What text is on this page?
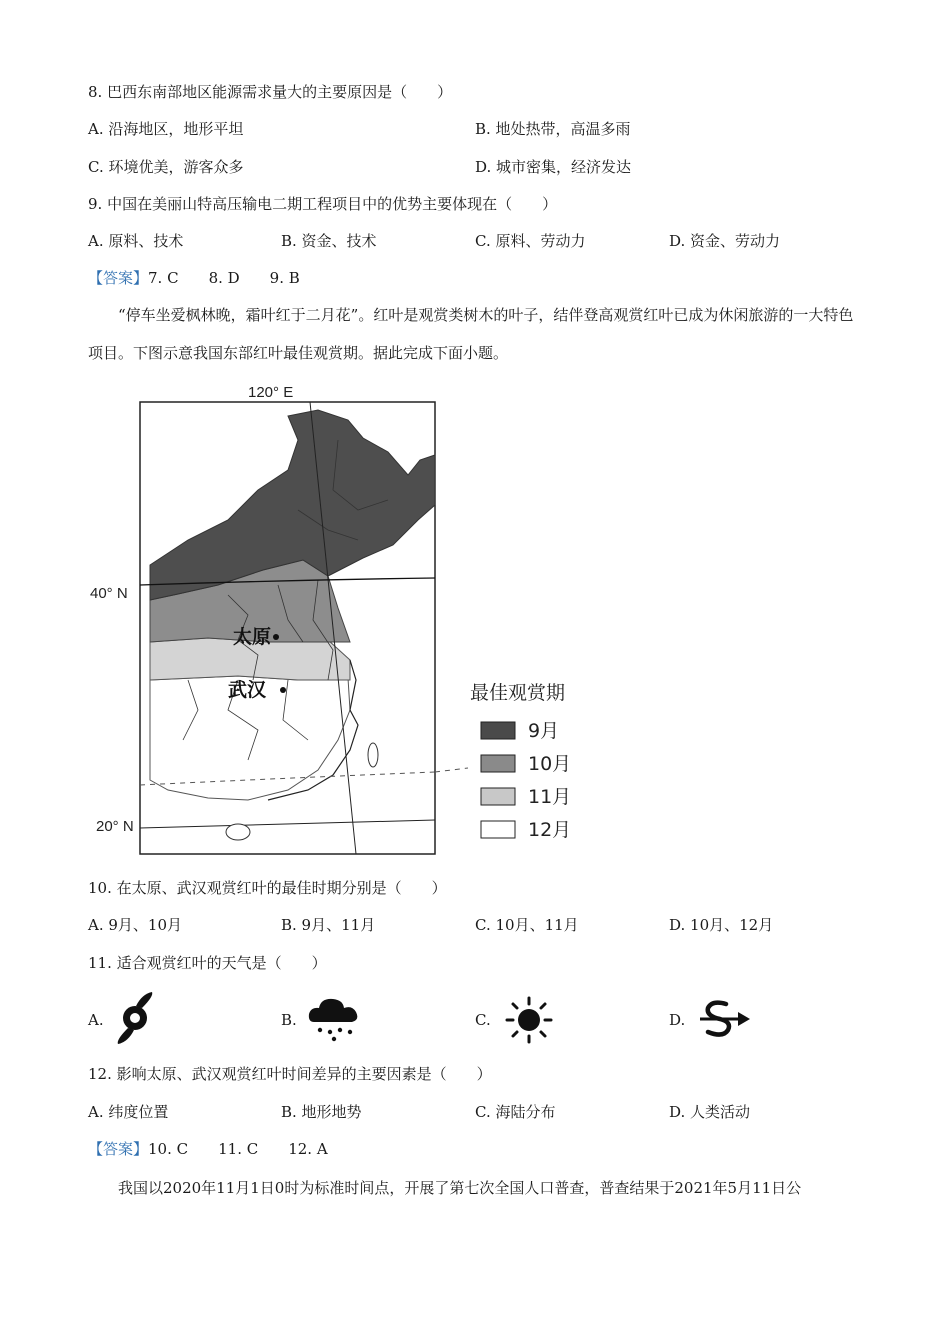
8. 巴西东南部地区能源需求量大的主要原因是（　　）
A. 沿海地区，地形平坦	B. 地处热带，高温多雨
C. 环境优美，游客众多	D. 城市密集，经济发达
9. 中国在美丽山特高压输电二期工程项目中的优势主要体现在（　　）
A. 原料、技术	B. 资金、技术	C. 原料、劳动力	D. 资金、劳动力
【答案】7. C　　8. D　　9. B
“停车坐爱枫林晚，霜叶红于二月花”。红叶是观赏类树木的叶子，结伴登高观赏红叶已成为休闲旅游的一大特色项目。下图示意我国东部红叶最佳观赏期。据此完成下面小题。
120° E
40° N
20° N
太原
武汉	最佳观赏期
9月
10月
11月
12月
10. 在太原、武汉观赏红叶的最佳时期分别是（　　）
A. 9月、10月	B. 9月、11月	C. 10月、11月	D. 10月、12月
11. 适合观赏红叶的天气是（　　）
A.	B.	C.	D.
12. 影响太原、武汉观赏红叶时间差异的主要因素是（　　）
A. 纬度位置	B. 地形地势	C. 海陆分布	D. 人类活动
【答案】10. C　　11. C　　12. A
我国以2020年11月1日0时为标准时间点，开展了第七次全国人口普查，普查结果于2021年5月11日公
